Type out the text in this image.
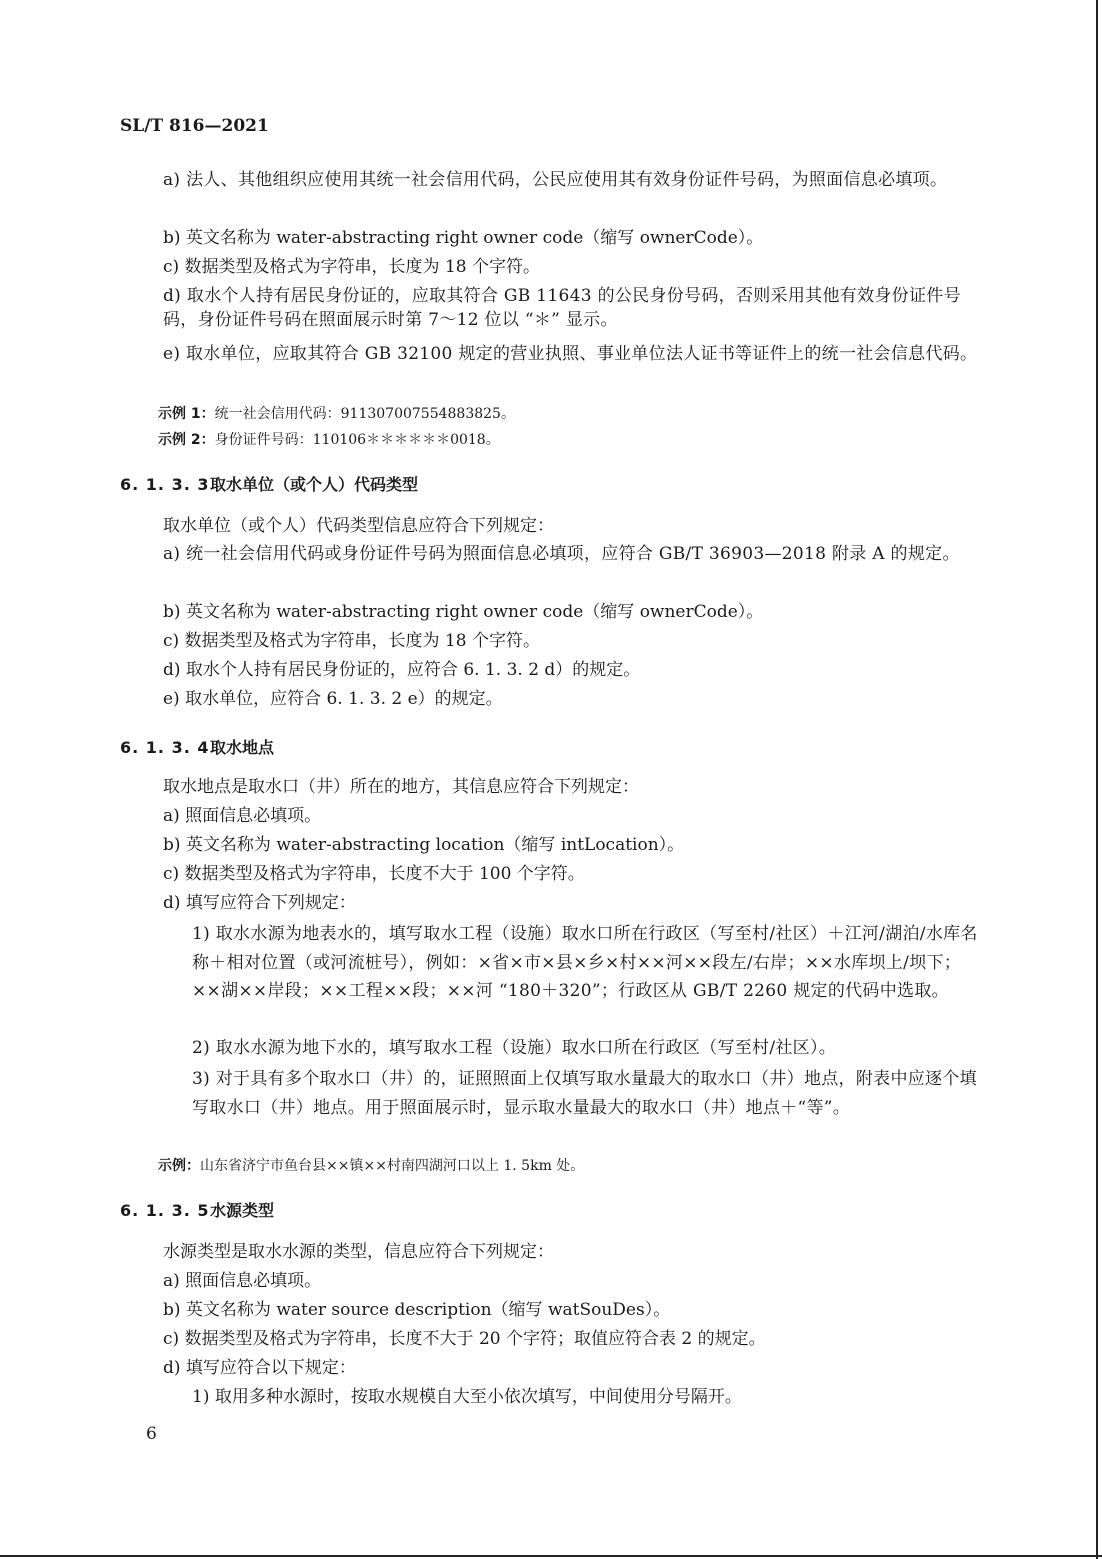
SL/T 816—2021
a) 法人、其他组织应使用其统一社会信用代码，公民应使用其有效身份证件号码，为照面信息必填项。
b) 英文名称为 water-abstracting right owner code（缩写 ownerCode）。
c) 数据类型及格式为字符串，长度为 18 个字符。
d) 取水个人持有居民身份证的，应取其符合 GB 11643 的公民身份号码，否则采用其他有效身份证件号码，身份证件号码在照面展示时第 7～12 位以 “＊” 显示。
e) 取水单位，应取其符合 GB 32100 规定的营业执照、事业单位法人证书等证件上的统一社会信息代码。
示例 1：统一社会信用代码：911307007554883825。
示例 2：身份证件号码：110106＊＊＊＊＊＊0018。
6. 1. 3. 3取水单位（或个人）代码类型
取水单位（或个人）代码类型信息应符合下列规定：
a) 统一社会信用代码或身份证件号码为照面信息必填项，应符合 GB/T 36903—2018 附录 A 的规定。
b) 英文名称为 water-abstracting right owner code（缩写 ownerCode）。
c) 数据类型及格式为字符串，长度为 18 个字符。
d) 取水个人持有居民身份证的，应符合 6. 1. 3. 2 d）的规定。
e) 取水单位，应符合 6. 1. 3. 2 e）的规定。
6. 1. 3. 4取水地点
取水地点是取水口（井）所在的地方，其信息应符合下列规定：
a) 照面信息必填项。
b) 英文名称为 water-abstracting location（缩写 intLocation）。
c) 数据类型及格式为字符串，长度不大于 100 个字符。
d) 填写应符合下列规定：
1) 取水水源为地表水的，填写取水工程（设施）取水口所在行政区（写至村/社区）＋江河/湖泊/水库名称＋相对位置（或河流桩号），例如：×省×市×县×乡×村××河××段左/右岸；××水库坝上/坝下；××湖××岸段；××工程××段；××河 “180＋320”；行政区从 GB/T 2260 规定的代码中选取。
2) 取水水源为地下水的，填写取水工程（设施）取水口所在行政区（写至村/社区）。
3) 对于具有多个取水口（井）的，证照照面上仅填写取水量最大的取水口（井）地点，附表中应逐个填写取水口（井）地点。用于照面展示时，显示取水量最大的取水口（井）地点＋“等”。
示例：山东省济宁市鱼台县××镇××村南四湖河口以上 1. 5km 处。
6. 1. 3. 5水源类型
水源类型是取水水源的类型，信息应符合下列规定：
a) 照面信息必填项。
b) 英文名称为 water source description（缩写 watSouDes）。
c) 数据类型及格式为字符串，长度不大于 20 个字符；取值应符合表 2 的规定。
d) 填写应符合以下规定：
1) 取用多种水源时，按取水规模自大至小依次填写，中间使用分号隔开。
6
